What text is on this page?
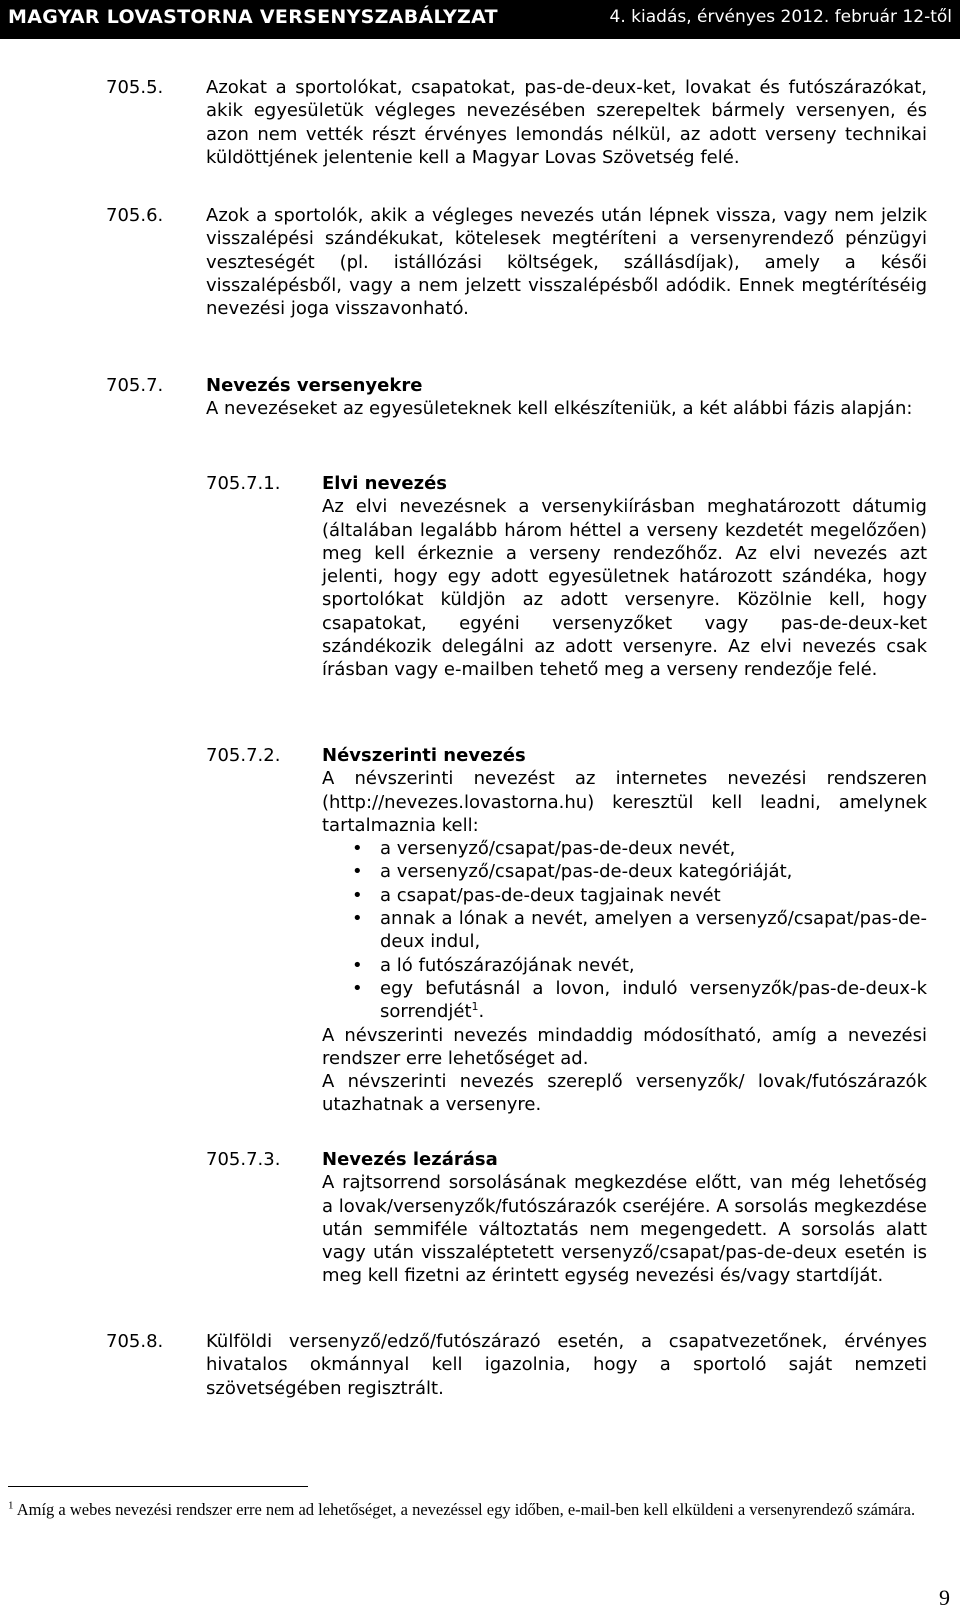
MAGYAR LOVASTORNA VERSENYSZABÁLYZAT	4. kiadás, érvényes 2012. február 12-től
705.5. Azokat a sportolókat, csapatokat, pas-de-deux-ket, lovakat és futószárazókat, akik egyesületük végleges nevezésében szerepeltek bármely versenyen, és azon nem vették részt érvényes lemondás nélkül, az adott verseny technikai küldöttjének jelentenie kell a Magyar Lovas Szövetség felé.
705.6. Azok a sportolók, akik a végleges nevezés után lépnek vissza, vagy nem jelzik visszalépési szándékukat, kötelesek megtéríteni a versenyrendező pénzügyi veszteségét (pl. istállózási költségek, szállásdíjak), amely a késői visszalépésből, vagy a nem jelzett visszalépésből adódik. Ennek megtérítéséig nevezési joga visszavonható.
705.7. Nevezés versenyekre
A nevezéseket az egyesületeknek kell elkészíteniük, a két alábbi fázis alapján:
705.7.1. Elvi nevezés
Az elvi nevezésnek a versenykiírásban meghatározott dátumig (általában legalább három héttel a verseny kezdetét megelőzően) meg kell érkeznie a verseny rendezőhőz. Az elvi nevezés azt jelenti, hogy egy adott egyesületnek határozott szándéka, hogy sportolókat küldjön az adott versenyre. Közölnie kell, hogy csapatokat, egyéni versenyzőket vagy pas-de-deux-ket szándékozik delegálni az adott versenyre. Az elvi nevezés csak írásban vagy e-mailben tehető meg a verseny rendezője felé.
705.7.2. Névszerinti nevezés
A névszerinti nevezést az internetes nevezési rendszeren (http://nevezes.lovastorna.hu) keresztül kell leadni, amelynek tartalmaznia kell:
• a versenyző/csapat/pas-de-deux nevét,
• a versenyző/csapat/pas-de-deux kategóriáját,
• a csapat/pas-de-deux tagjainak nevét
• annak a lónak a nevét, amelyen a versenyző/csapat/pas-de-deux indul,
• a ló futószárazójának nevét,
• egy befutásnál a lovon, induló versenyzők/pas-de-deux-k sorrendjét$^1$.
A névszerinti nevezés mindaddig módosítható, amíg a nevezési rendszer erre lehetőséget ad.
A névszerinti nevezés szereplő versenyzők/ lovak/futószárazók utazhatnak a versenyre.
705.7.3. Nevezés lezárása
A rajtsorrend sorsolásának megkezdése előtt, van még lehetőség a lovak/versenyzők/futószárazók cseréjére. A sorsolás megkezdése után semmiféle változtatás nem megengedett. A sorsolás alatt vagy után visszaléptetett versenyző/csapat/pas-de-deux esetén is meg kell fizetni az érintett egység nevezési és/vagy startdíját.
705.8. Külföldi versenyző/edző/futószárazó esetén, a csapatvezetőnek, érvényes hivatalos okmánnyal kell igazolnia, hogy a sportoló saját nemzeti szövetségében regisztrált.
$^1$ Amíg a webes nevezési rendszer erre nem ad lehetőséget, a nevezéssel egy időben, e-mail-ben kell elküldeni a versenyrendező számára.
9
